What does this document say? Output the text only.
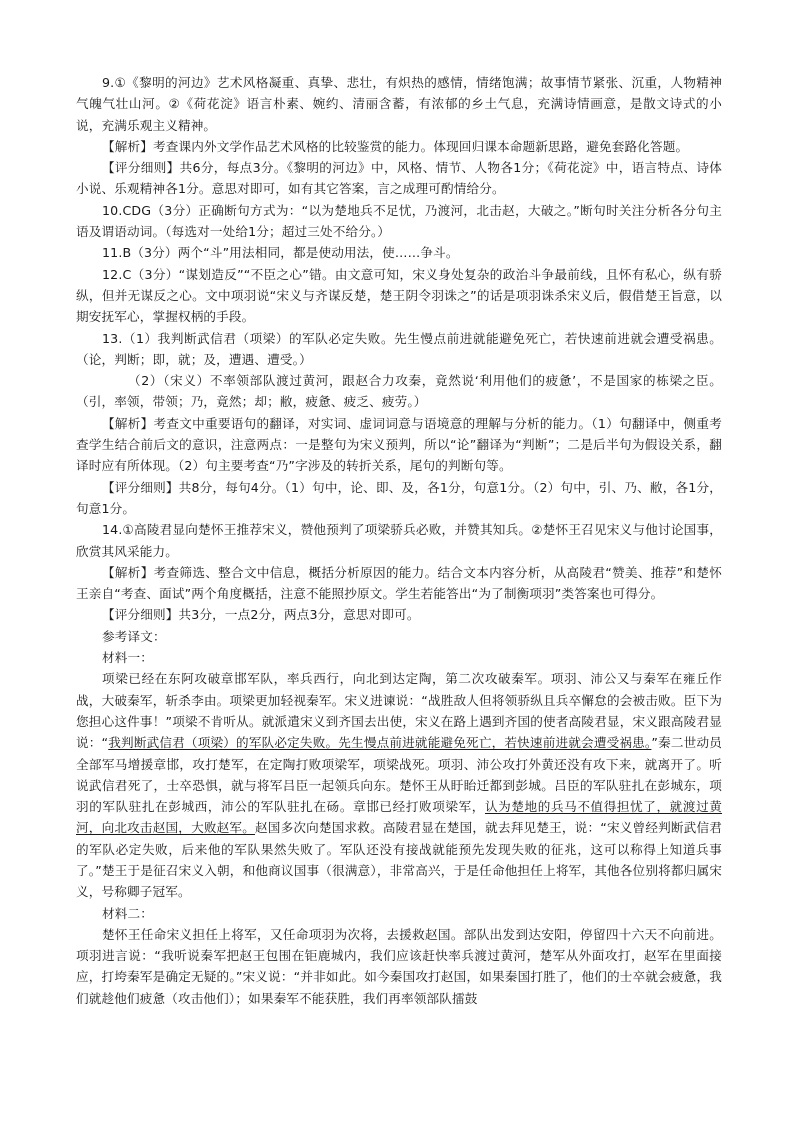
9.①《黎明的河边》艺术风格凝重、真挚、悲壮，有炽热的感情，情绪饱满；故事情节紧张、沉重，人物精神气魄气壮山河。②《荷花淀》语言朴素、婉约、清丽含蓄，有浓郁的乡土气息，充满诗情画意，是散文诗式的小说，充满乐观主义精神。

【解析】考查课内外文学作品艺术风格的比较鉴赏的能力。体现回归课本命题新思路，避免套路化答题。

【评分细则】共6分，每点3分。《黎明的河边》中，风格、情节、人物各1分；《荷花淀》中，语言特点、诗体小说、乐观精神各1分。意思对即可，如有其它答案，言之成理可酌情给分。

10.CDG（3分）正确断句方式为：“以为楚地兵不足忧，乃渡河，北击赵，大破之。”断句时关注分析各分句主语及谓语动词。（每选对一处给1分；超过三处不给分。）

11.B（3分）两个“斗”用法相同，都是使动用法，使……争斗。

12.C（3分）“谋划造反”“不臣之心”错。由文意可知，宋义身处复杂的政治斗争最前线，且怀有私心，纵有骄纵，但并无谋反之心。文中项羽说“宋义与齐谋反楚，楚王阴令羽诛之”的话是项羽诛杀宋义后，假借楚王旨意，以期安抚军心，掌握权柄的手段。

13.（1）我判断武信君（项梁）的军队必定失败。先生慢点前进就能避免死亡，若快速前进就会遭受祸患。（论，判断；即，就；及，遭遇、遭受。）

（2）（宋义）不率领部队渡过黄河，跟赵合力攻秦，竟然说‘利用他们的疲惫’，不是国家的栋梁之臣。（引，率领，带领；乃，竟然；却；敝，疲惫、疲乏、疲劳。）

【解析】考查文中重要语句的翻译，对实词、虚词词意与语境意的理解与分析的能力。（1）句翻译中，侧重考查学生结合前后文的意识，注意两点：一是整句为宋义预判，所以“论”翻译为“判断”；二是后半句为假设关系，翻译时应有所体现。（2）句主要考查“乃”字涉及的转折关系，尾句的判断句等。

【评分细则】共8分，每句4分。（1）句中，论、即、及，各1分，句意1分。（2）句中，引、乃、敝，各1分，句意1分。

14.①高陵君显向楚怀王推荐宋义，赞他预判了项梁骄兵必败，并赞其知兵。②楚怀王召见宋义与他讨论国事，欣赏其风采能力。

【解析】考查筛选、整合文中信息，概括分析原因的能力。结合文本内容分析，从高陵君“赞美、推荐”和楚怀王亲自“考查、面试”两个角度概括，注意不能照抄原文。学生若能答出“为了制衡项羽”类答案也可得分。

【评分细则】共3分，一点2分，两点3分，意思对即可。

参考译文：

材料一：

项梁已经在东阿攻破章邯军队，率兵西行，向北到达定陶，第二次攻破秦军。项羽、沛公又与秦军在雍丘作战，大破秦军，斩杀李由。项梁更加轻视秦军。宋义进谏说：“战胜敌人但将领骄纵且兵卒懈怠的会被击败。臣下为您担心这件事！”项梁不肯听从。就派遣宋义到齐国去出使，宋义在路上遇到齐国的使者高陵君显，宋义跟高陵君显说：“我判断武信君（项梁）的军队必定失败。先生慢点前进就能避免死亡，若快速前进就会遭受祸患。”秦二世动员全部军马增援章邯，攻打楚军，在定陶打败项梁军，项梁战死。项羽、沛公攻打外黄还没有攻下来，就离开了。听说武信君死了，士卒恐惧，就与将军吕臣一起领兵向东。楚怀王从盱眙迁都到彭城。吕臣的军队驻扎在彭城东，项羽的军队驻扎在彭城西，沛公的军队驻扎在砀。章邯已经打败项梁军，认为楚地的兵马不值得担忧了，就渡过黄河，向北攻击赵国，大败赵军。赵国多次向楚国求救。高陵君显在楚国，就去拜见楚王，说：“宋义曾经判断武信君的军队必定失败，后来他的军队果然失败了。军队还没有接战就能预先发现失败的征兆，这可以称得上知道兵事了。”楚王于是征召宋义入朝，和他商议国事（很满意），非常高兴，于是任命他担任上将军，其他各位别将都归属宋义，号称卿子冠军。

材料二：

楚怀王任命宋义担任上将军，又任命项羽为次将，去援救赵国。部队出发到达安阳，停留四十六天不向前进。项羽进言说：“我听说秦军把赵王包围在钜鹿城内，我们应该赶快率兵渡过黄河，楚军从外面攻打，赵军在里面接应，打垮秦军是确定无疑的。”宋义说：“并非如此。如今秦国攻打赵国，如果秦国打胜了，他们的士卒就会疲惫，我们就趁他们疲惫（攻击他们）；如果秦军不能获胜，我们再率领部队擂鼓
